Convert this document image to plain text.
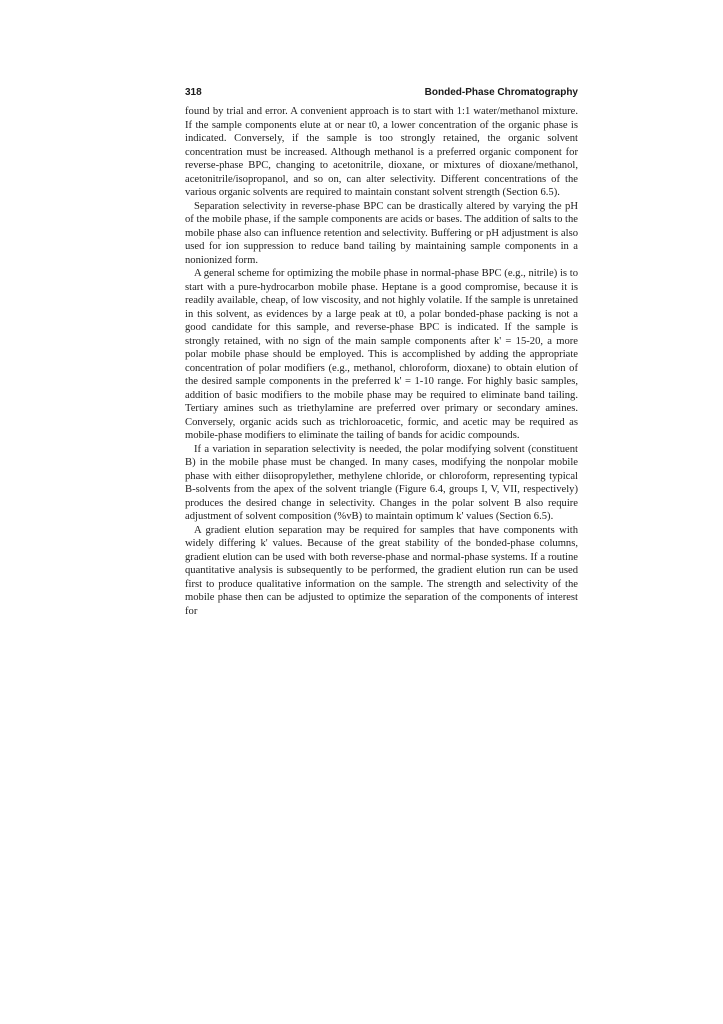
318	Bonded-Phase Chromatography

found by trial and error. A convenient approach is to start with 1:1 water/methanol mixture. If the sample components elute at or near t0, a lower concentration of the organic phase is indicated. Conversely, if the sample is too strongly retained, the organic solvent concentration must be increased. Although methanol is a preferred organic component for reverse-phase BPC, changing to acetonitrile, dioxane, or mixtures of dioxane/methanol, acetonitrile/isopropanol, and so on, can alter selectivity. Different concentrations of the various organic solvents are required to maintain constant solvent strength (Section 6.5).

Separation selectivity in reverse-phase BPC can be drastically altered by varying the pH of the mobile phase, if the sample components are acids or bases. The addition of salts to the mobile phase also can influence retention and selectivity. Buffering or pH adjustment is also used for ion suppression to reduce band tailing by maintaining sample components in a nonionized form.

A general scheme for optimizing the mobile phase in normal-phase BPC (e.g., nitrile) is to start with a pure-hydrocarbon mobile phase. Heptane is a good compromise, because it is readily available, cheap, of low viscosity, and not highly volatile. If the sample is unretained in this solvent, as evidences by a large peak at t0, a polar bonded-phase packing is not a good candidate for this sample, and reverse-phase BPC is indicated. If the sample is strongly retained, with no sign of the main sample components after k' = 15-20, a more polar mobile phase should be employed. This is accomplished by adding the appropriate concentration of polar modifiers (e.g., methanol, chloroform, dioxane) to obtain elution of the desired sample components in the preferred k' = 1-10 range. For highly basic samples, addition of basic modifiers to the mobile phase may be required to eliminate band tailing. Tertiary amines such as triethylamine are preferred over primary or secondary amines. Conversely, organic acids such as trichloroacetic, formic, and acetic may be required as mobile-phase modifiers to eliminate the tailing of bands for acidic compounds.

If a variation in separation selectivity is needed, the polar modifying solvent (constituent B) in the mobile phase must be changed. In many cases, modifying the nonpolar mobile phase with either diisopropylether, methylene chloride, or chloroform, representing typical B-solvents from the apex of the solvent triangle (Figure 6.4, groups I, V, VII, respectively) produces the desired change in selectivity. Changes in the polar solvent B also require adjustment of solvent composition (%vB) to maintain optimum k' values (Section 6.5).

A gradient elution separation may be required for samples that have components with widely differing k' values. Because of the great stability of the bonded-phase columns, gradient elution can be used with both reverse-phase and normal-phase systems. If a routine quantitative analysis is subsequently to be performed, the gradient elution run can be used first to produce qualitative information on the sample. The strength and selectivity of the mobile phase then can be adjusted to optimize the separation of the components of interest for
